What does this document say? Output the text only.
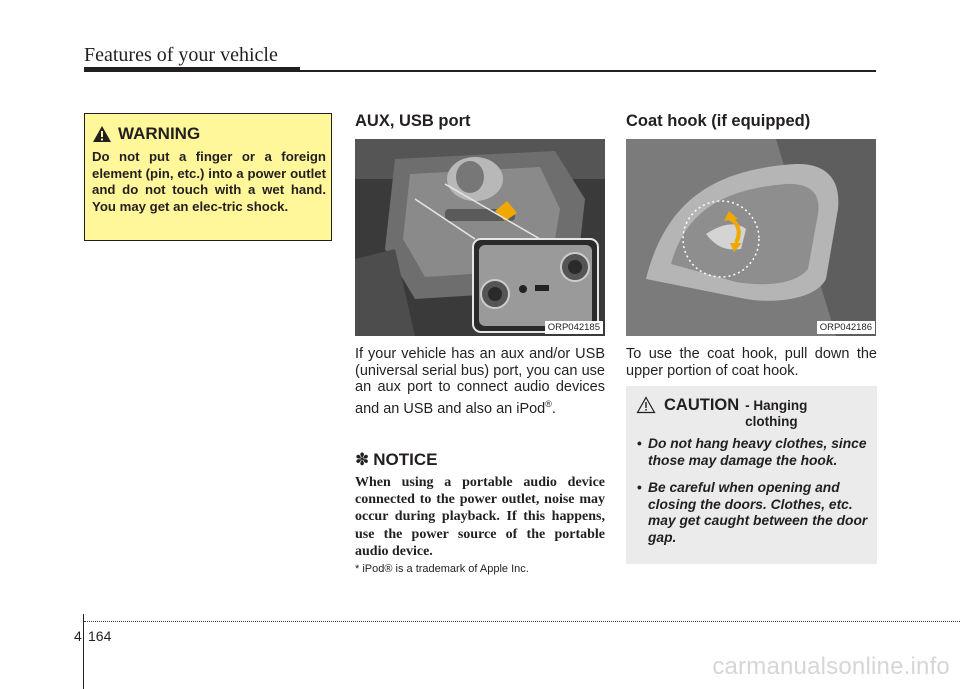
Features of your vehicle
WARNING

Do not put a finger or a foreign element (pin, etc.) into a power outlet and do not touch with a wet hand. You may get an elec-tric shock.

AUX, USB port
ORP042185

If your vehicle has an aux and/or USB (universal serial bus) port, you can use an aux port to connect audio devices and an USB and also an iPod®.

✽ NOTICE

When using a portable audio device connected to the power outlet, noise may occur during playback. If this happens, use the power source of the portable audio device.

* iPod® is a trademark of Apple Inc.

Coat hook (if equipped)
ORP042186

To use the coat hook, pull down the upper portion of coat hook.

CAUTION - Hanging clothing
• Do not hang heavy clothes, since those may damage the hook.
• Be careful when opening and closing the doors. Clothes, etc. may get caught between the door gap.
4 164
carmanualsonline.info
